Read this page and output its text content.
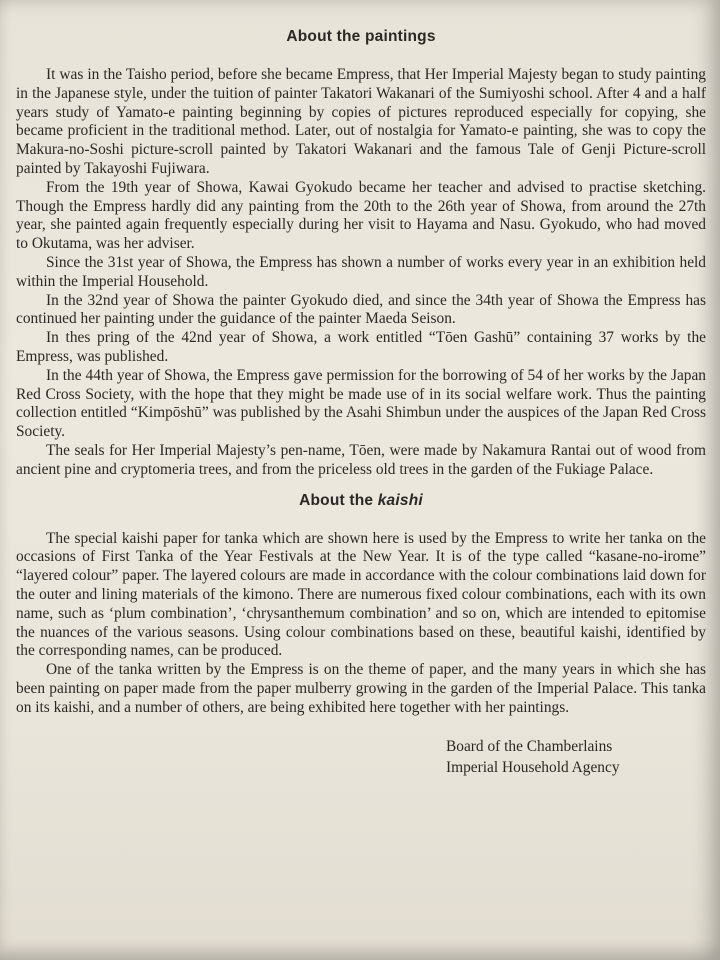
About the paintings

It was in the Taisho period, before she became Empress, that Her Imperial Majesty began to study painting in the Japanese style, under the tuition of painter Takatori Wakanari of the Sumiyoshi school. After 4 and a half years study of Yamato-e painting beginning by copies of pictures reproduced especially for copying, she became proficient in the traditional method. Later, out of nostalgia for Yamato-e painting, she was to copy the Makura-no-Soshi picture-scroll painted by Takatori Wakanari and the famous Tale of Genji Picture-scroll painted by Takayoshi Fujiwara.

From the 19th year of Showa, Kawai Gyokudo became her teacher and advised to practise sketching. Though the Empress hardly did any painting from the 20th to the 26th year of Showa, from around the 27th year, she painted again frequently especially during her visit to Hayama and Nasu. Gyokudo, who had moved to Okutama, was her adviser.

Since the 31st year of Showa, the Empress has shown a number of works every year in an exhibition held within the Imperial Household.

In the 32nd year of Showa the painter Gyokudo died, and since the 34th year of Showa the Empress has continued her painting under the guidance of the painter Maeda Seison.

In thes pring of the 42nd year of Showa, a work entitled “Tōen Gashū” containing 37 works by the Empress, was published.

In the 44th year of Showa, the Empress gave permission for the borrowing of 54 of her works by the Japan Red Cross Society, with the hope that they might be made use of in its social welfare work. Thus the painting collection entitled “Kimpōshū” was published by the Asahi Shimbun under the auspices of the Japan Red Cross Society.

The seals for Her Imperial Majesty’s pen-name, Tōen, were made by Nakamura Rantai out of wood from ancient pine and cryptomeria trees, and from the priceless old trees in the garden of the Fukiage Palace.

About the kaishi

The special kaishi paper for tanka which are shown here is used by the Empress to write her tanka on the occasions of First Tanka of the Year Festivals at the New Year. It is of the type called “kasane-no-irome” “layered colour” paper. The layered colours are made in accordance with the colour combinations laid down for the outer and lining materials of the kimono. There are numerous fixed colour combinations, each with its own name, such as ‘plum combination’, ‘chrysanthemum combination’ and so on, which are intended to epitomise the nuances of the various seasons. Using colour combinations based on these, beautiful kaishi, identified by the corresponding names, can be produced.

One of the tanka written by the Empress is on the theme of paper, and the many years in which she has been painting on paper made from the paper mulberry growing in the garden of the Imperial Palace. This tanka on its kaishi, and a number of others, are being exhibited here together with her paintings.

Board of the Chamberlains
Imperial Household Agency
